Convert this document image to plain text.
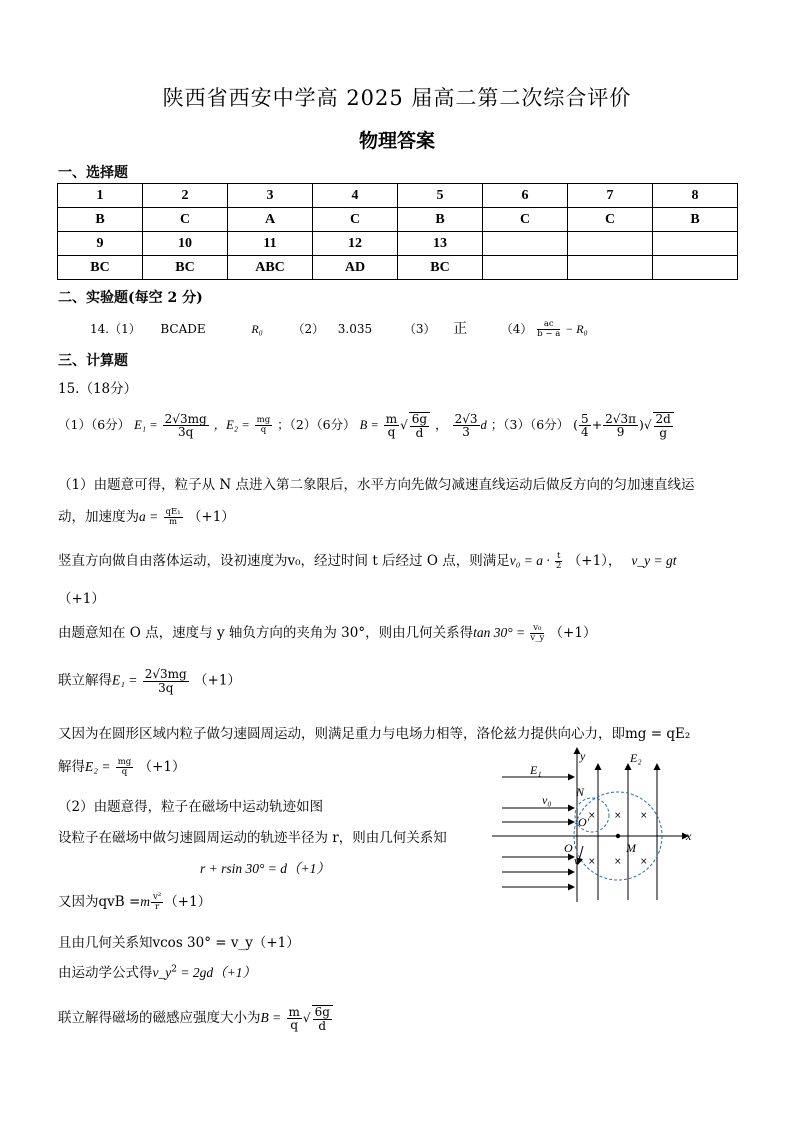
陕西省西安中学高 2025 届高二第二次综合评价
物理答案
一、选择题
1	2	3	4	5	6	7	8
B	C	A	C	B	C	C	B
9	10	11	12	13			
BC	BC	ABC	AD	BC			
二、实验题(每空 2 分)
14.（1） BCADE	R₀ （2） 3.035	（3） 正	$(4) \frac{ac}{b - a} - R_0$
三、计算题
15.（18分）
（1）（6分） $E_1 = \frac{2√3mg}{3q}$ ，$E_2 = \frac{mg}{q}$ ；（2）（6分） $B = \frac{m}{q}$ √ $\frac{6g}{d}$ ， $\frac{2√3}{3}$ d ；（3）（6分） ( $\frac{5}{4} + \frac{2√3\pi}{9}$ )√ $\frac{2d}{g}$
（1）由题意可得，粒子从 N 点进入第二象限后，水平方向先做匀减速直线运动后做反方向的匀加速直线运
动，加速度为$a = \frac{\text{qE₁}}{m} (+1)$
竖直方向做自由落体运动，设初速度为v₀，经过时间 t 后经过 O 点，则满足$v_0 = a \cdot \frac{t}{2} (+1)$， v_y = gt
（+1）
由题意知在 O 点，速度与 y 轴负方向的夹角为 30°，则由几何关系得$\tan 30^\circ = \frac{\text{v₀}}{v\_y} (+1)$
联立解得$E_1 = \frac{2√3mg}{3q} (+1)$
又因为在圆形区域内粒子做匀速圆周运动，则满足重力与电场力相等，洛伦兹力提供向心力，即mg = qE₂
解得$E_2 = \frac{mg}{q} (+1)$
（2）由题意得，粒子在磁场中运动轨迹如图
设粒子在磁场中做匀速圆周运动的轨迹半径为 r，则由几何关系知
r + rsin 30° = d（+1）
又因为qvB $=m \frac{\text{v²}}{r} (+1)$
且由几何关系知vcos 30° = v_y（+1）
由运动学公式得$v\_y^2 = 2gd(+1)$
联立解得磁场的磁感应强度大小为$B = \frac{m}{q}$ √ $\frac{6g}{d}$
y
x
E₁
E₂
v₀
N
O
O′
M
v
× × ×
× × ×
